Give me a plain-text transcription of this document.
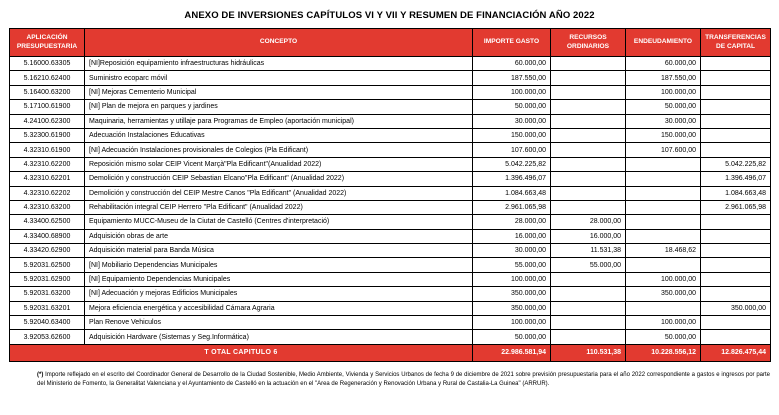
ANEXO DE INVERSIONES CAPÍTULOS VI Y VII Y RESUMEN DE FINANCIACIÓN AÑO 2022
APLICACIÓN PRESUPUESTARIA	CONCEPTO	IMPORTE GASTO	RECURSOS ORDINARIOS	ENDEUDAMIENTO	TRANSFERENCIAS DE CAPITAL
5.16000.63305	[NI]Reposición equipamiento infraestructuras hidráulicas	60.000,00		60.000,00	
5.16210.62400	Suministro ecoparc móvil	187.550,00		187.550,00	
5.16400.63200	[NI] Mejoras Cementerio Municipal	100.000,00		100.000,00	
5.17100.61900	[NI] Plan de mejora en parques y jardines	50.000,00		50.000,00	
4.24100.62300	Maquinaria, herramientas y utillaje para Programas de Empleo (aportación municipal)	30.000,00		30.000,00	
5.32300.61900	Adecuación Instalaciones Educativas	150.000,00		150.000,00	
4.32310.61900	[NI] Adecuación Instalaciones provisionales de Colegios (Pla Edificant)	107.600,00		107.600,00	
4.32310.62200	Reposición mismo solar CEIP Vicent Marçà"Pla Edificant"(Anualidad 2022)	5.042.225,82			5.042.225,82
4.32310.62201	Demolición y construcción CEIP Sebastian Elcano"Pla Edificant" (Anualidad 2022)	1.396.496,07			1.396.496,07
4.32310.62202	Demolición y construcción del CEIP Mestre Canos "Pla Edificant" (Anualidad 2022)	1.084.663,48			1.084.663,48
4.32310.63200	Rehabilitación integral CEIP Herrero "Pla Edificant" (Anualidad 2022)	2.961.065,98			2.961.065,98
4.33400.62500	Equipamiento MUCC-Museu de la Ciutat de Castelló (Centres d'interpretació)	28.000,00	28.000,00		
4.33400.68900	Adquisición obras de arte	16.000,00	16.000,00		
4.33420.62900	Adquisición material para Banda Música	30.000,00	11.531,38	18.468,62	
5.92031.62500	[NI] Mobiliario Dependencias Municipales	55.000,00	55.000,00		
5.92031.62900	[NI] Equipamiento Dependencias Municipales	100.000,00		100.000,00	
5.92031.63200	[NI] Adecuación y mejoras Edificios Municipales	350.000,00		350.000,00	
5.92031.63201	Mejora eficiencia energética y accesibilidad Cámara Agraria	350.000,00			350.000,00
5.92040.63400	Plan Renove Vehiculos	100.000,00		100.000,00	
3.92053.62600	Adquisición Hardware (Sistemas y Seg.Informática)	50.000,00		50.000,00	
T OTAL CAPITULO 6		22.986.581,94	110.531,38	10.228.556,12	12.826.475,44

(*) Importe reflejado en el escrito del Coordinador General de Desarrollo de la Ciudad Sostenible, Medio Ambiente, Vivienda y Servicios Urbanos de fecha 9 de diciembre de 2021 sobre previsión presupuestaria para el año 2022 correspondiente a gastos e ingresos por parte del Ministerio de Fomento, la Generalitat Valenciana y el Ayuntamiento de Castelló en la actuación en el "Area de Regeneración y Renovación Urbana y Rural de Castalia-La Guinea" (ARRUR).
